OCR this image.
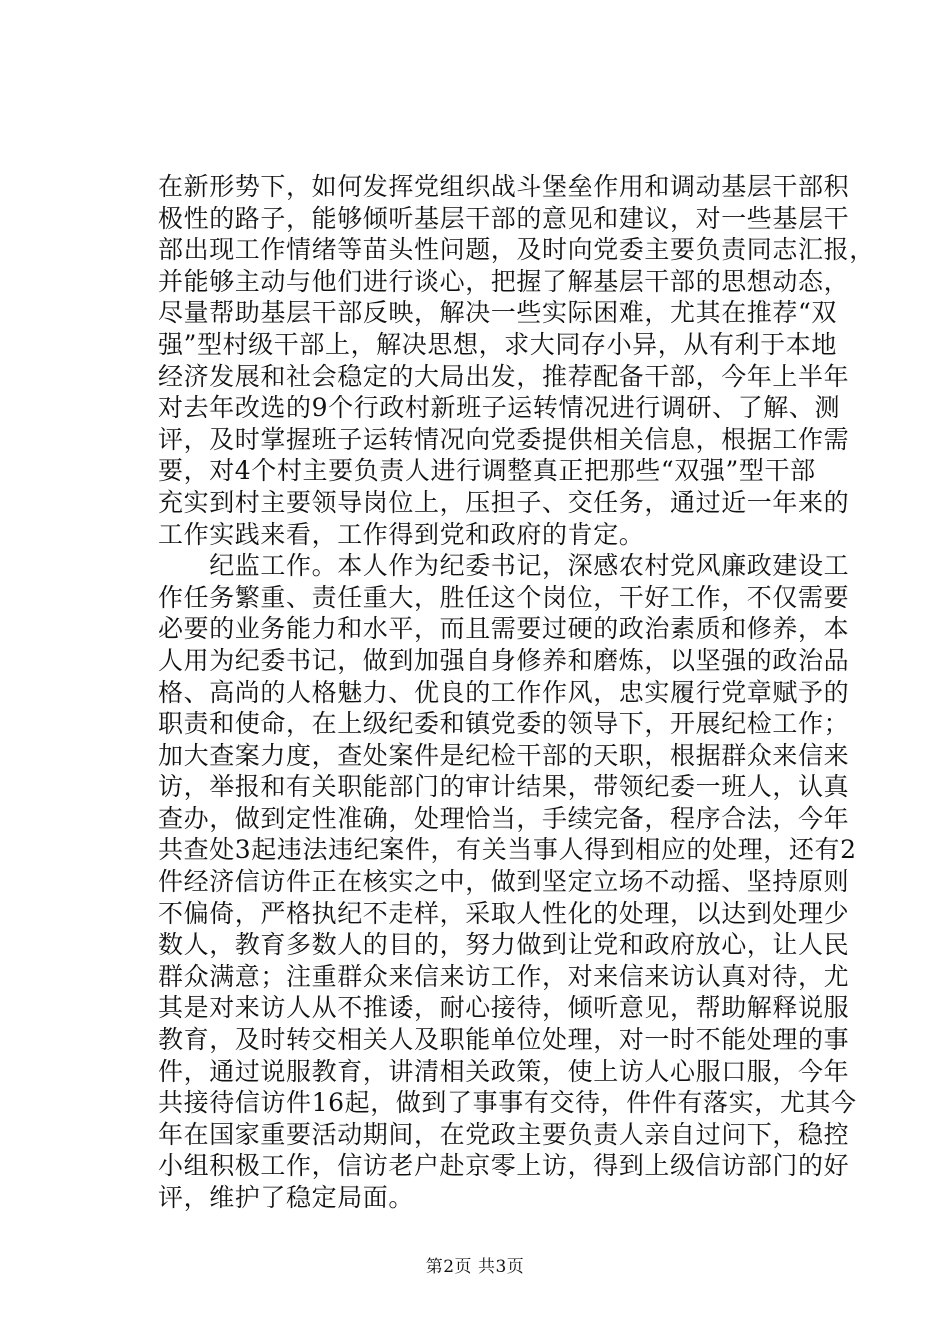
在新形势下，如何发挥党组织战斗堡垒作用和调动基层干部积
极性的路子，能够倾听基层干部的意见和建议，对一些基层干
部出现工作情绪等苗头性问题，及时向党委主要负责同志汇报，
并能够主动与他们进行谈心，把握了解基层干部的思想动态，
尽量帮助基层干部反映，解决一些实际困难，尤其在推荐“双
强”型村级干部上，解决思想，求大同存小异，从有利于本地
经济发展和社会稳定的大局出发，推荐配备干部，今年上半年
对去年改选的9个行政村新班子运转情况进行调研、了解、测
评，及时掌握班子运转情况向党委提供相关信息，根据工作需
要，对4个村主要负责人进行调整真正把那些“双强”型干部
充实到村主要领导岗位上，压担子、交任务，通过近一年来的
工作实践来看，工作得到党和政府的肯定。
　　纪监工作。本人作为纪委书记，深感农村党风廉政建设工
作任务繁重、责任重大，胜任这个岗位，干好工作，不仅需要
必要的业务能力和水平，而且需要过硬的政治素质和修养，本
人用为纪委书记，做到加强自身修养和磨炼，以坚强的政治品
格、高尚的人格魅力、优良的工作作风，忠实履行党章赋予的
职责和使命，在上级纪委和镇党委的领导下，开展纪检工作；
加大查案力度，查处案件是纪检干部的天职，根据群众来信来
访，举报和有关职能部门的审计结果，带领纪委一班人，认真
查办，做到定性准确，处理恰当，手续完备，程序合法，今年
共查处3起违法违纪案件，有关当事人得到相应的处理，还有2
件经济信访件正在核实之中，做到坚定立场不动摇、坚持原则
不偏倚，严格执纪不走样，采取人性化的处理，以达到处理少
数人，教育多数人的目的，努力做到让党和政府放心，让人民
群众满意；注重群众来信来访工作，对来信来访认真对待，尤
其是对来访人从不推诿，耐心接待，倾听意见，帮助解释说服
教育，及时转交相关人及职能单位处理，对一时不能处理的事
件，通过说服教育，讲清相关政策，使上访人心服口服，今年
共接待信访件16起，做到了事事有交待，件件有落实，尤其今
年在国家重要活动期间，在党政主要负责人亲自过问下，稳控
小组积极工作，信访老户赴京零上访，得到上级信访部门的好
评，维护了稳定局面。
第2页 共3页
